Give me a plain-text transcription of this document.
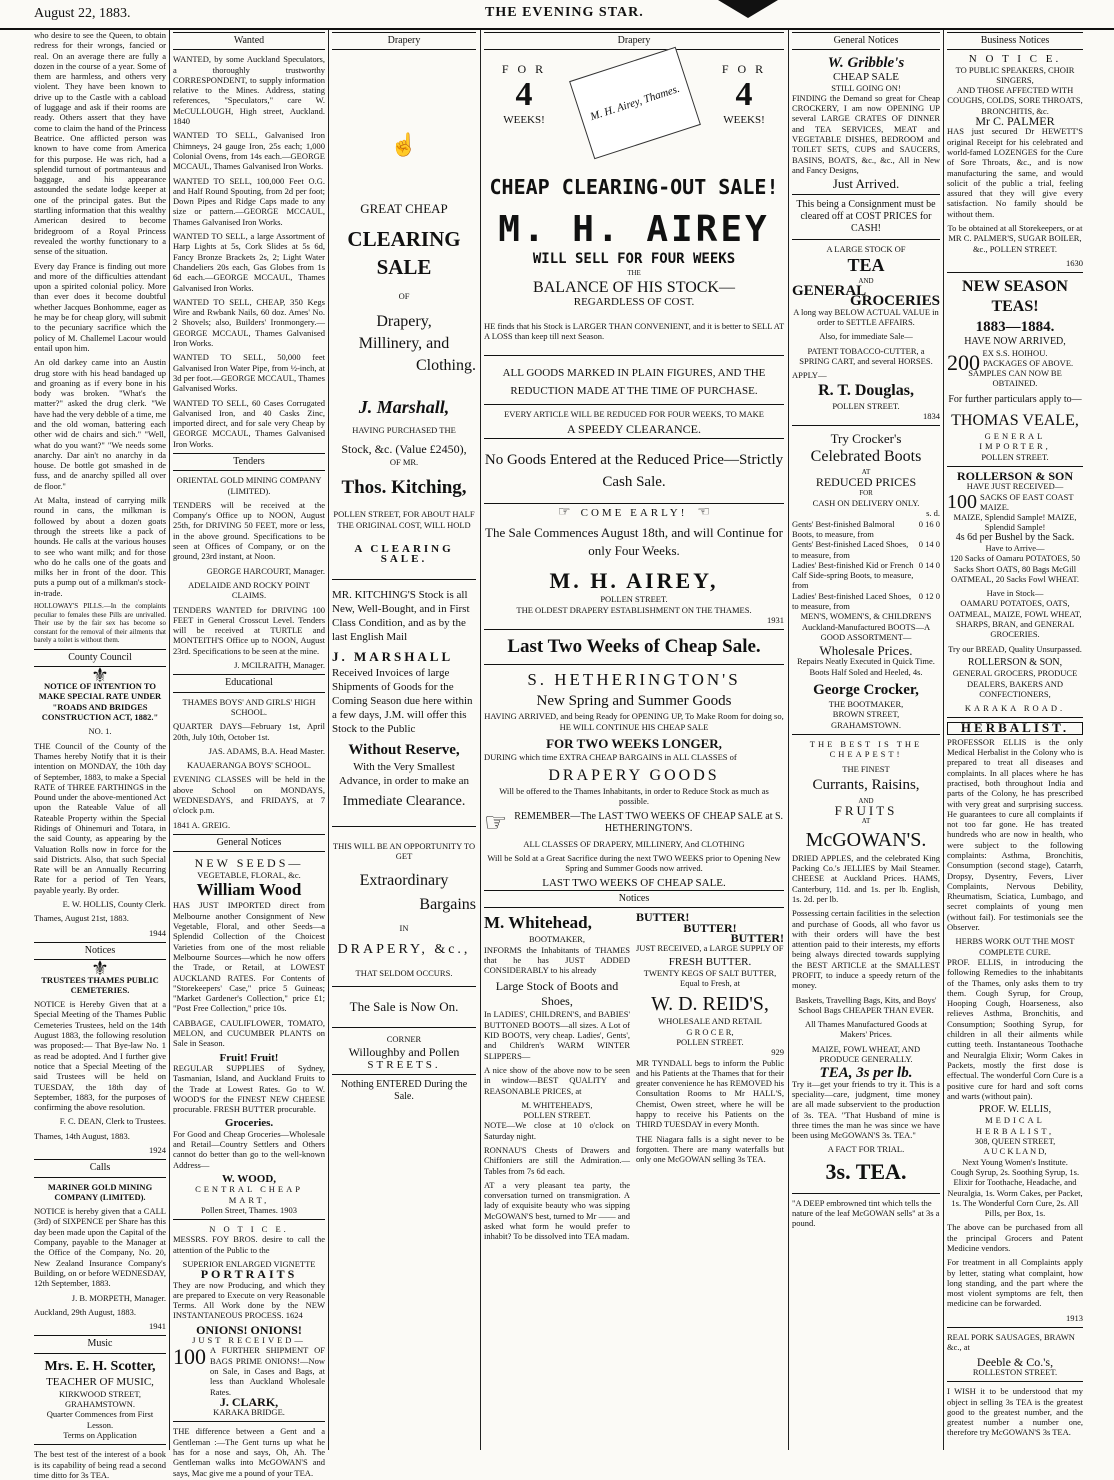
August 22, 1883.	THE EVENING STAR.

who desire to see the Queen, to obtain redress for their wrongs, fancied or real. On an average there are fully a dozen in the course of a year. Some of them are harmless, and others very violent. They have been known to drive up to the Castle with a cabload of luggage and ask if their rooms are ready. Others assert that they have come to claim the hand of the Princess Beatrice. One afflicted person was known to have come from America for this purpose. He was rich, had a splendid turnout of portmanteaus and baggage, and his appearance astounded the sedate lodge keeper at one of the principal gates. But the startling information that this wealthy American desired to become bridegroom of a Royal Princess revealed the worthy functionary to a sense of the situation.

Every day France is finding out more and more of the difficulties attendant upon a spirited colonial policy. More than ever does it become doubtful whether Jacques Bonhomme, eager as he may be for cheap glory, will submit to the pecuniary sacrifice which the policy of M. Challemel Lacour would entail upon him.

An old darkey came into an Austin drug store with his head bandaged up and groaning as if every bone in his body was broken. "What's the matter?" asked the drug clerk. "We have had the very debble of a time, me and the old woman, battering each other wid de chairs and sich." "Well, what do you want?" "We needs some anarchy. Dar ain't no anarchy in da house. De bottle got smashed in de fuss, and de anarchy spilled all over de floor."

At Malta, instead of carrying milk round in cans, the milkman is followed by about a dozen goats through the streets like a pack of hounds. He calls at the various houses to see who want milk; and for those who do he calls one of the goats and milks her in front of the door. This puts a pump out of a milkman's stock-in-trade.

HOLLOWAY'S PILLS.—In the complaints peculiar to females these Pills are unrivalled. Their use by the fair sex has become so constant for the removal of their ailments that barely a toilet is without them.

County Council
⚜

NOTICE OF INTENTION TO MAKE SPECIAL RATE UNDER "ROADS AND BRIDGES CONSTRUCTION ACT, 1882."

NO. 1.

THE Council of the County of the Thames hereby Notify that it is their intention on MONDAY, the 10th day of September, 1883, to make a Special RATE of THREE FARTHINGS in the Pound under the above-mentioned Act upon the Rateable Value of all Rateable Property within the Special Ridings of Ohinemuri and Totara, in the said County, as appearing by the Valuation Rolls now in force for the said Districts. Also, that such Special Rate will be an Annually Recurring Rate for a period of Ten Years, payable yearly. By order.

E. W. HOLLIS, County Clerk.

Thames, August 21st, 1883.

1944

Notices
⚜

TRUSTEES THAMES PUBLIC CEMETERIES.

NOTICE is Hereby Given that at a Special Meeting of the Thames Public Cemeteries Trustees, held on the 14th August 1883, the following resolution was proposed:— That Bye-law No. 1 as read be adopted. And I further give notice that a Special Meeting of the said Trustees will be held on TUESDAY, the 18th day of September, 1883, for the purposes of confirming the above resolution.

F. C. DEAN, Clerk to Trustees.

Thames, 14th August, 1883.

1924

Calls

MARINER GOLD MINING COMPANY (LIMITED).

NOTICE is hereby given that a CALL (3rd) of SIXPENCE per Share has this day been made upon the Capital of the Company, payable to the Manager at the Office of the Company, No. 20, New Zealand Insurance Company's Building, on or before WEDNESDAY, 12th September, 1883.

J. B. MORPETH, Manager.

Auckland, 29th August, 1883.

1941

Music
Mrs. E. H. Scotter,
TEACHER OF MUSIC,
KIRKWOOD STREET,
GRAHAMSTOWN.
Quarter Commences from First Lesson.
Terms on Application

The best test of the interest of a book is its capability of being read a second time ditto for 3s TEA.

Wanted

WANTED, by some Auckland Speculators, a thoroughly trustworthy CORRESPONDENT, to supply information relative to the Mines. Address, stating references, "Speculators," care W. McCULLOUGH, High street, Auckland. 1840

WANTED TO SELL, Galvanised Iron Chimneys, 24 gauge Iron, 25s each; 1,000 Colonial Ovens, from 14s each.—GEORGE MCCAUL, Thames Galvanised Iron Works.

WANTED TO SELL, 100,000 Feet O.G. and Half Round Spouting, from 2d per foot; Down Pipes and Ridge Caps made to any size or pattern.—GEORGE MCCAUL, Thames Galvanised Iron Works.

WANTED TO SELL, a large Assortment of Harp Lights at 5s, Cork Slides at 5s 6d, Fancy Bronze Brackets 2s, 2; Light Water Chandeliers 20s each, Gas Globes from 1s 6d each.—GEORGE MCCAUL, Thames Galvanised Iron Works.

WANTED TO SELL, CHEAP, 350 Kegs Wire and Rwbank Nails, 60 doz. Ames' No. 2 Shovels; also, Builders' Ironmongery.—GEORGE MCCAUL, Thames Galvanised Iron Works.

WANTED TO SELL, 50,000 feet Galvanised Iron Water Pipe, from ½-inch, at 3d per foot.—GEORGE MCCAUL, Thames Galvanised Works.

WANTED TO SELL, 60 Cases Corrugated Galvanised Iron, and 40 Casks Zinc, imported direct, and for sale very Cheap by GEORGE MCCAUL, Thames Galvanised Iron Works.

Tenders

ORIENTAL GOLD MINING COMPANY (LIMITED).

TENDERS will be received at the Company's Office up to NOON, August 25th, for DRIVING 50 FEET, more or less, in the above ground. Specifications to be seen at Offices of Company, or on the ground, 23rd instant, at Noon.

GEORGE HARCOURT, Manager.

ADELAIDE AND ROCKY POINT CLAIMS.

TENDERS WANTED for DRIVING 100 FEET in General Crosscut Level. Tenders will be received at TURTLE and MONTEITH'S Office up to NOON, August 23rd. Specifications to be seen at the mine.

J. MCILRAITH, Manager.

Educational

THAMES BOYS' AND GIRLS' HIGH SCHOOL.

QUARTER DAYS—February 1st, April 20th, July 10th, October 1st.

JAS. ADAMS, B.A. Head Master.

KAUAERANGA BOYS' SCHOOL.

EVENING CLASSES will be held in the above School on MONDAYS, WEDNESDAYS, and FRIDAYS, at 7 o'clock p.m.

1841 A. GREIG.

General Notices
NEW SEEDS—
VEGETABLE, FLORAL, &c.
William Wood

HAS JUST IMPORTED direct from Melbourne another Consignment of New Vegetable, Floral, and other Seeds—a Splendid Collection of the Choicest Varieties from one of the most reliable Melbourne Sources—which he now offers the Trade, or Retail, at LOWEST AUCKLAND RATES. For Contents of "Storekeepers' Case," price 5 Guineas; "Market Gardener's Collection," price £1; "Post Free Collection," price 10s.

CABBAGE, CAULIFLOWER, TOMATO, MELON, and CUCUMBER PLANTS on Sale in Season.

Fruit! Fruit!

REGULAR SUPPLIES of Sydney, Tasmanian, Island, and Auckland Fruits to the Trade at Lowest Rates. Go to W. WOOD'S for the FINEST NEW CHEESE procurable. FRESH BUTTER procurable.

Groceries.

For Good and Cheap Groceries—Wholesale and Retail—Country Settlers and Others cannot do better than go to the well-known Address—

W. WOOD,
CENTRAL CHEAP MART,
Pollen Street, Thames. 1903
N O T I C E.

MESSRS. FOY BROS. desire to call the attention of the Public to the

SUPERIOR ENLARGED VIGNETTE
PORTRAITS

They are now Producing, and which they are prepared to Execute on very Reasonable Terms. All Work done by the NEW INSTANTANEOUS PROCESS. 1624

ONIONS! ONIONS!
JUST RECEIVED—
100 A FURTHER SHIPMENT OF BAGS PRIME ONIONS!—Now on Sale, in Cases and Bags, at less than Auckland Wholesale Rates.
J. CLARK,
KARAKA BRIDGE.

THE difference between a Gent and a Gentleman :—The Gent turns up what he has for a nose and says, Oh, Ah. The Gentleman walks into McGOWAN'S and says, Mac give me a pound of your TEA.

Drapery
☝
GREAT CHEAP
CLEARING
SALE
OF
Drapery,
Millinery, and
Clothing.
J. Marshall,
HAVING PURCHASED THE
Stock, &c. (Value £2450),
OF MR.
Thos. Kitching,
POLLEN STREET, FOR ABOUT HALF THE ORIGINAL COST, WILL HOLD
A CLEARING SALE.

MR. KITCHING'S Stock is all New, Well-Bought, and in First Class Condition, and as by the last English Mail

J. MARSHALL

Received Invoices of large Shipments of Goods for the Coming Season due here within a few days, J.M. will offer this Stock to the Public

Without Reserve,

With the Very Smallest Advance, in order to make an

Immediate Clearance.
THIS WILL BE AN OPPORTUNITY TO GET
Extraordinary
Bargains
IN
DRAPERY, &c.,
THAT SELDOM OCCURS.
The Sale is Now On.
CORNER
Willoughby and Pollen
STREETS.
Nothing ENTERED During the Sale.
Drapery
F O R
4
WEEKS!	M. H. Airey, Thames.
F O R
4
WEEKS!
CHEAP CLEARING-OUT SALE!
M. H. AIREY
WILL SELL FOR FOUR WEEKS
THE
BALANCE OF HIS STOCK—
REGARDLESS OF COST.

HE finds that his Stock is LARGER THAN CONVENIENT, and it is better to SELL AT A LOSS than keep till next Season.

ALL GOODS MARKED IN PLAIN FIGURES, AND THE REDUCTION MADE AT THE TIME OF PURCHASE.

EVERY ARTICLE WILL BE REDUCED FOR FOUR WEEKS, TO MAKE

A SPEEDY CLEARANCE.
No Goods Entered at the Reduced Price—Strictly Cash Sale.
☞ COME EARLY! ☜
The Sale Commences August 18th, and will Continue for only Four Weeks.
M. H. AIREY,
POLLEN STREET.
THE OLDEST DRAPERY ESTABLISHMENT ON THE THAMES.
1931
Last Two Weeks of Cheap Sale.
S. HETHERINGTON'S
New Spring and Summer Goods

HAVING ARRIVED, and being Ready for OPENING UP, To Make Room for doing so, HE WILL CONTINUE HIS CHEAP SALE

FOR TWO WEEKS LONGER,

DURING which time EXTRA CHEAP BARGAINS in ALL CLASSES of

DRAPERY GOODS

Will be offered to the Thames Inhabitants, in order to Reduce Stock as much as possible.

☞ REMEMBER—The LAST TWO WEEKS OF CHEAP SALE at S. HETHERINGTON'S.

ALL CLASSES OF DRAPERY, MILLINERY, And CLOTHING

Will be Sold at a Great Sacrifice during the next TWO WEEKS prior to Opening New Spring and Summer Goods now arrived.

LAST TWO WEEKS OF CHEAP SALE.
Notices
M. Whitehead,
BOOTMAKER,

INFORMS the Inhabitants of THAMES that he has JUST ADDED CONSIDERABLY to his already

Large Stock of Boots and Shoes,

In LADIES', CHILDREN'S, and BABIES' BUTTONED BOOTS—all sizes. A Lot of KID BOOTS, very cheap. Ladies', Gents', and Children's WARM WINTER SLIPPERS—

A nice show of the above now to be seen in window—BEST QUALITY and REASONABLE PRICES, at

M. WHITEHEAD'S,
POLLEN STREET.

NOTE—We close at 10 o'clock on Saturday night.

RONNAU'S Chests of Drawers and Chiffoniers are still the Admiration.—Tables from 7s 6d each.

AT a very pleasant tea party, the conversation turned on transmigration. A lady of exquisite beauty who was sipping McGOWAN'S best, turned to Mr —— and asked what form he would prefer to inhabit? To be dissolved into TEA madam.

BUTTER!
BUTTER!
BUTTER!

JUST RECEIVED, a LARGE SUPPLY OF

FRESH BUTTER.

TWENTY KEGS OF SALT BUTTER, Equal to Fresh, at

W. D. REID'S,
WHOLESALE AND RETAIL
G R O C E R,
POLLEN STREET.
929

MR TYNDALL begs to inform the Public and his Patients at the Thames that for their greater convenience he has REMOVED his Consultation Rooms to Mr HALL'S, Chemist, Owen street, where he will be happy to receive his Patients on the THIRD TUESDAY in every Month.

THE Niagara falls is a sight never to be forgotten. There are many waterfalls but only one McGOWAN selling 3s TEA.

General Notices
W. Gribble's
CHEAP SALE
STILL GOING ON!

FINDING the Demand so great for Cheap CROCKERY, I am now OPENING UP several LARGE CRATES OF DINNER and TEA SERVICES, MEAT and VEGETABLE DISHES, BEDROOM and TOILET SETS, CUPS and SAUCERS, BASINS, BOATS, &c., &c., All in New and Fancy Designs,

Just Arrived.

This being a Consignment must be cleared off at COST PRICES for CASH!

A LARGE STOCK OF
TEA
AND
GENERAL
GROCERIES

A long way BELOW ACTUAL VALUE in order to SETTLE AFFAIRS.

Also, for immediate Sale—

PATENT TOBACCO-CUTTER, a SPRING CART, and several HORSES.

APPLY—
R. T. Douglas,
POLLEN STREET.
1834
Try Crocker's
Celebrated Boots
AT
REDUCED PRICES
FOR
CASH ON DELIVERY ONLY.
s. d.
Gents' Best-finished Balmoral Boots, to measure, from
0 16 0
Gents' Best-finished Laced Shoes, to measure, from
0 14 0
Ladies' Best-finished Kid or French Calf Side-spring Boots, to measure, from
0 14 0
Ladies' Best-finished Laced Shoes, to measure, from
0 12 0

MEN'S, WOMEN'S, & CHILDREN'S Auckland-Manufactured BOOTS—A GOOD ASSORTMENT—

Wholesale Prices.

Repairs Neatly Executed in Quick Time. Boots Half Soled and Heeled, 4s.

George Crocker,
THE BOOTMAKER,
BROWN STREET,
GRAHAMSTOWN.
THE BEST IS THE CHEAPEST!
THE FINEST
Currants, Raisins,
AND
FRUITS
AT
McGOWAN'S.

DRIED APPLES, and the celebrated King Packing Co.'s JELLIES by Mail Steamer. CHEESE at Auckland Prices. HAMS, Canterbury, 11d. and 1s. per lb. English, 1s. 2d. per lb.

Possessing certain facilities in the selection and purchase of Goods, all who favor us with their orders will have the best attention paid to their interests, my efforts being always directed towards supplying the BEST ARTICLE at the SMALLEST PROFIT, to induce a speedy return of the money.

Baskets, Travelling Bags, Kits, and Boys' School Bags CHEAPER THAN EVER.

All Thames Manufactured Goods at Makers' Prices.

MAIZE, FOWL WHEAT, AND PRODUCE GENERALLY.

TEA, 3s per lb.

Try it—get your friends to try it. This is a speciality—care, judgment, time money are all made subservient to the production of 3s. TEA. "That Husband of mine is three times the man he was since we have been using McGOWAN'S 3s. TEA."

A FACT FOR TRIAL.
3s. TEA.

"A DEEP embrowned tint which tells the nature of the leaf McGOWAN sells" at 3s a pound.

Business Notices
N O T I C E.
TO PUBLIC SPEAKERS, CHOIR SINGERS,
AND THOSE AFFECTED WITH COUGHS, COLDS, SORE THROATS, BRONCHITIS, &c.
Mr C. PALMER

HAS just secured Dr HEWETT'S original Receipt for his celebrated and world-famed LOZENGES for the Cure of Sore Throats, &c., and is now manufacturing the same, and would solicit of the public a trial, feeling assured that they will give every satisfaction. No family should be without them.

To be obtained at all Storekeepers, or at MR C. PALMER'S, SUGAR BOILER, &c., POLLEN STREET.

1630
NEW SEASON TEAS!
1883—1884.
HAVE NOW ARRIVED,
EX S.S. HOIHOU.
200 PACKAGES OF ABOVE.
SAMPLES CAN NOW BE OBTAINED.
For further particulars apply to—
THOMAS VEALE,
GENERAL IMPORTER,
POLLEN STREET.
ROLLERSON & SON
HAVE JUST RECEIVED—
100 SACKS OF EAST COAST MAIZE.
MAIZE, Splendid Sample! MAIZE, Splendid Sample!
4s 6d per Bushel by the Sack.
Have to Arrive—

120 Sacks of Oamaru POTATOES, 50 Sacks Short OATS, 80 Bags McGill OATMEAL, 20 Sacks Fowl WHEAT.

Have in Stock—

OAMARU POTATOES, OATS, OATMEAL, MAIZE, FOWL WHEAT, SHARPS, BRAN, and GENERAL GROCERIES.

Try our BREAD, Quality Unsurpassed.

ROLLERSON & SON,

GENERAL GROCERS, PRODUCE DEALERS, BAKERS AND CONFECTIONERS,

KARAKA ROAD.
HERBALIST.

PROFESSOR ELLIS is the only Medical Herbalist in the Colony who is prepared to treat all diseases and complaints. In all places where he has practised, both throughout India and parts of the Colony, he has prescribed with very great and surprising success. He guarantees to cure all complaints if not too far gone. He has treated hundreds who are now in health, who were subject to the following complaints: Asthma, Bronchitis, Consumption (second stage), Catarrh, Dropsy, Dysentry, Fevers, Liver Complaints, Nervous Debility, Rheumatism, Sciatica, Lumbago, and secret complaints of young men (without fail). For testimonials see the Observer.

HERBS WORK OUT THE MOST COMPLETE CURE.

PROF. ELLIS, in introducing the following Remedies to the inhabitants of the Thames, only asks them to try them. Cough Syrup, for Croup, Hooping Cough, Hoarseness, also relieves Asthma, Bronchitis, and Consumption; Soothing Syrup, for children in all their ailments while cutting teeth. Instantaneous Toothache and Neuralgia Elixir; Worm Cakes in Packets, mostly the first dose is effectual. The wonderful Corn Cure is a positive cure for hard and soft corns and warts (without pain).

PROF. W. ELLIS,
MEDICAL HERBALIST,
308, QUEEN STREET,
A U C K L A N D,
Next Young Women's Institute.

Cough Syrup, 2s. Soothing Syrup, 1s. Elixir for Toothache, Headache, and Neuralgia, 1s. Worm Cakes, per Packet, 1s. The Wonderful Corn Cure, 2s. All Pills, per Box, 1s.

The above can be purchased from all the principal Grocers and Patent Medicine vendors.

For treatment in all Complaints apply by letter, stating what complaint, how long standing, and the part where the most violent symptoms are felt, then medicine can be forwarded.

1913

REAL PORK SAUSAGES, BRAWN &c., at

Deeble & Co.'s,
ROLLESTON STREET.

I WISH it to be understood that my object in selling 3s TEA is the greatest good to the greatest number, and the greatest number a number one, therefore try McGOWAN'S 3s TEA.
